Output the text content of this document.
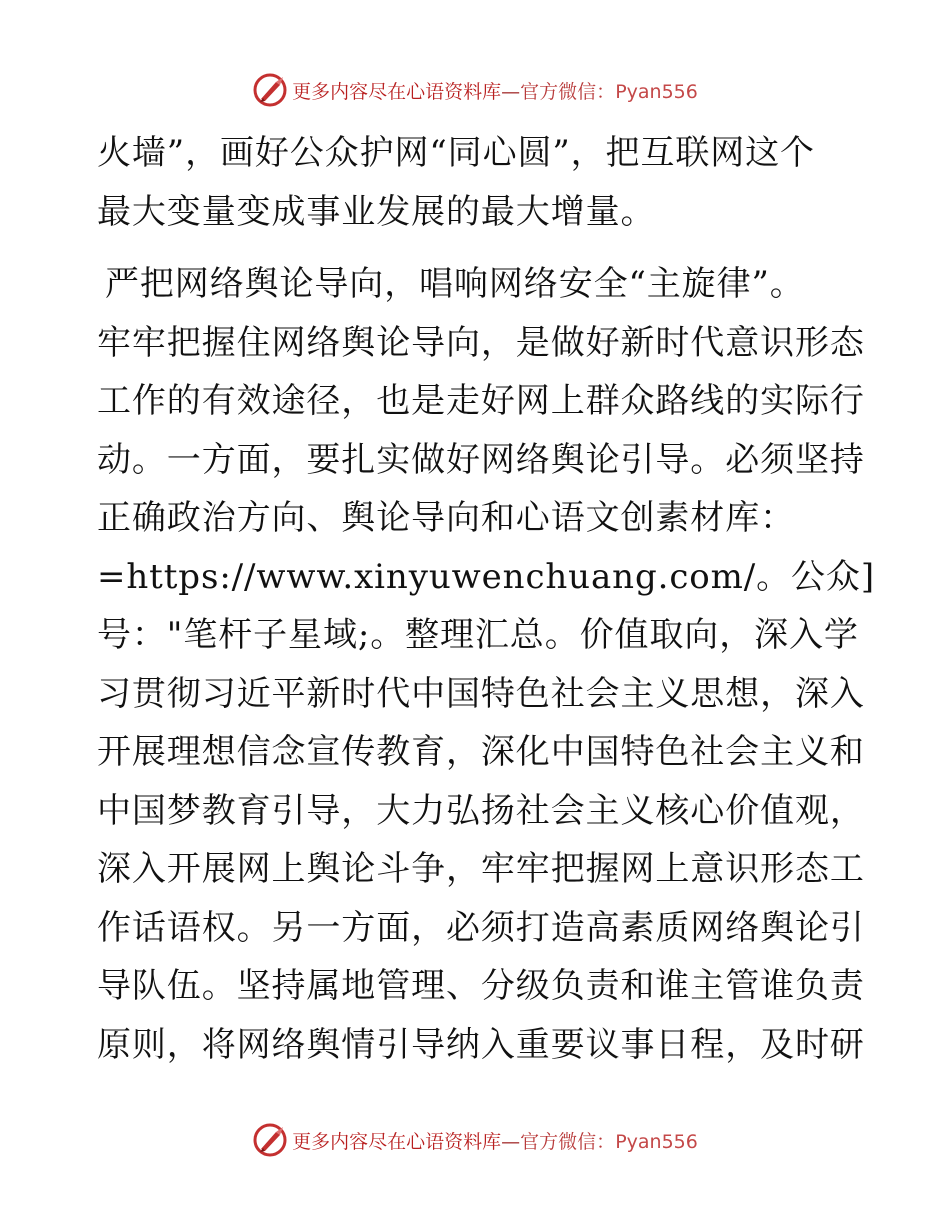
更多内容尽在心语资料库—官方微信：Pyan556
火墙”，画好公众护网“同心圆”，把互联网这个
最大变量变成事业发展的最大增量。
严把网络舆论导向，唱响网络安全“主旋律”。
牢牢把握住网络舆论导向，是做好新时代意识形态
工作的有效途径，也是走好网上群众路线的实际行
动。一方面，要扎实做好网络舆论引导。必须坚持
正确政治方向、舆论导向和心语文创素材库：
=https://www.xinyuwenchuang.com/。公众]
号："笔杆子星域;。整理汇总。价值取向，深入学
习贯彻习近平新时代中国特色社会主义思想，深入
开展理想信念宣传教育，深化中国特色社会主义和
中国梦教育引导，大力弘扬社会主义核心价值观，
深入开展网上舆论斗争，牢牢把握网上意识形态工
作话语权。另一方面，必须打造高素质网络舆论引
导队伍。坚持属地管理、分级负责和谁主管谁负责
原则，将网络舆情引导纳入重要议事日程，及时研
更多内容尽在心语资料库—官方微信：Pyan556
